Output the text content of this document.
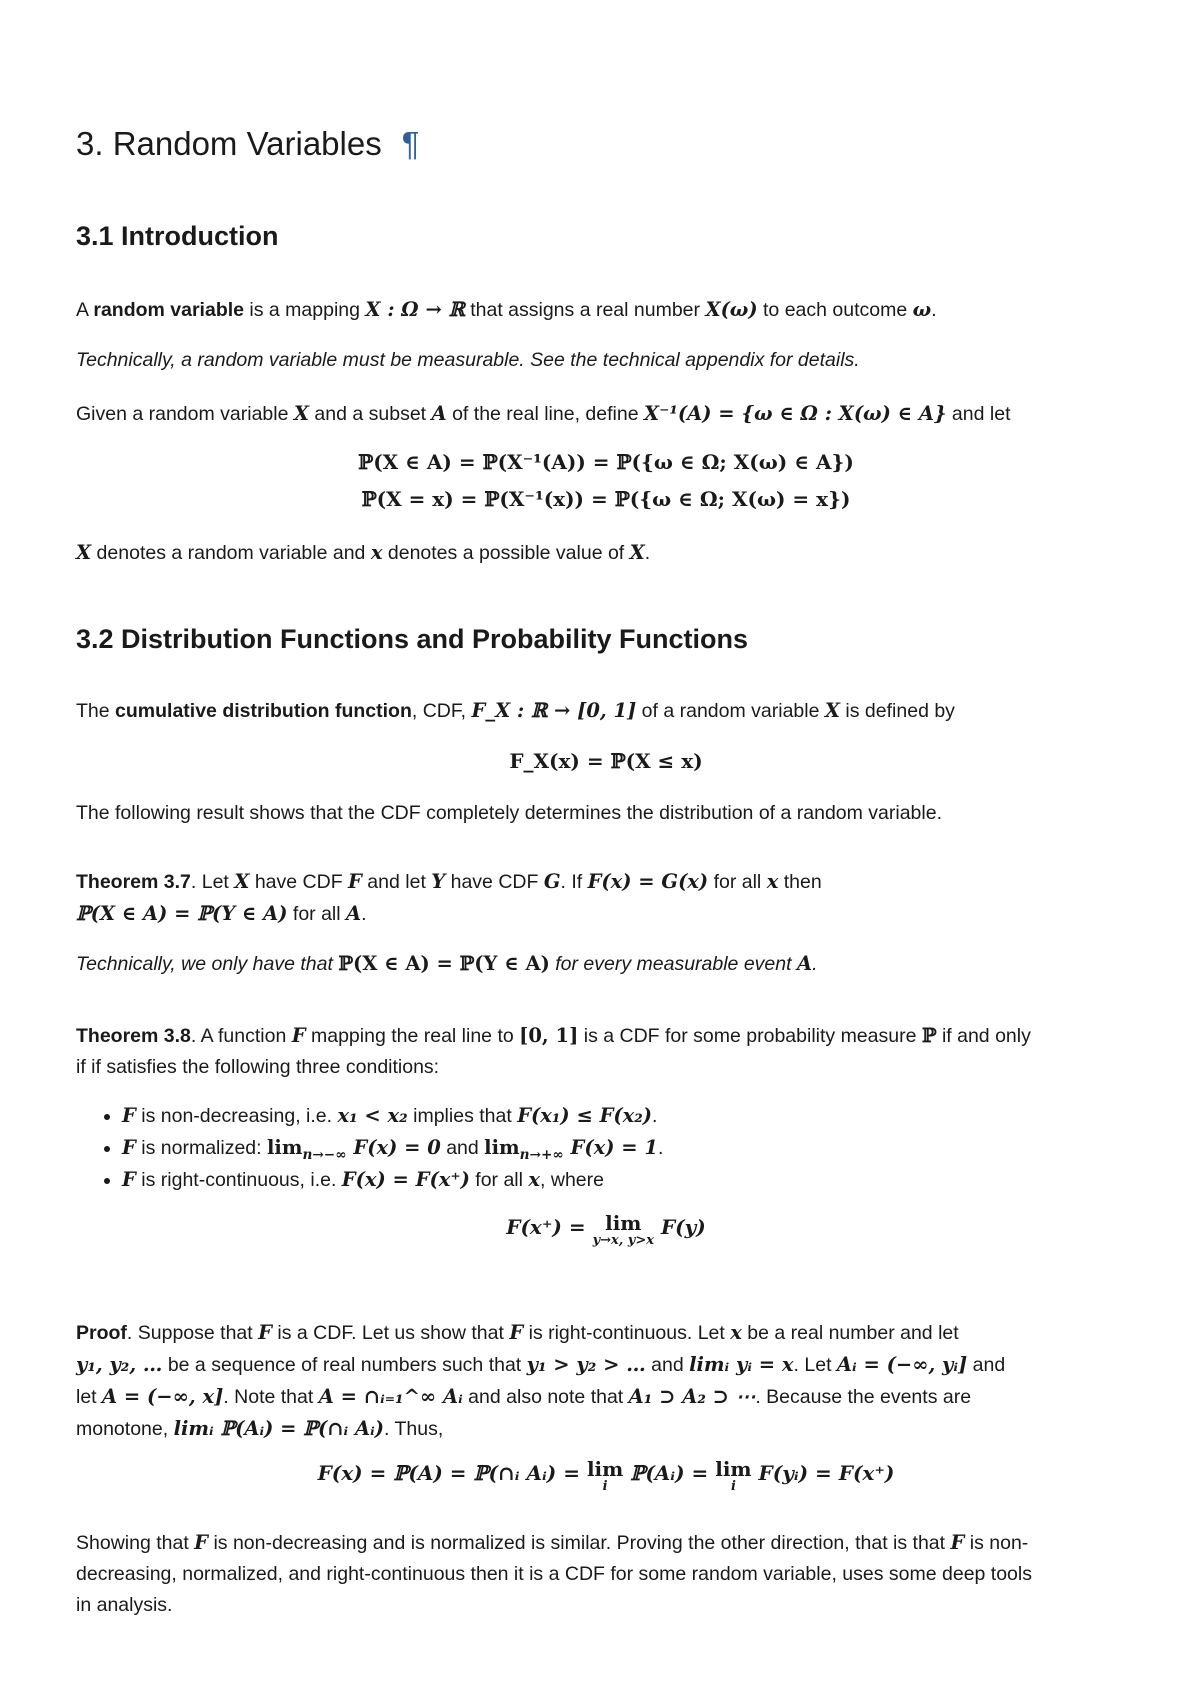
3. Random Variables ¶
3.1 Introduction

A random variable is a mapping X : Ω → ℝ that assigns a real number X(ω) to each outcome ω.

Technically, a random variable must be measurable. See the technical appendix for details.

Given a random variable X and a subset A of the real line, define X⁻¹(A) = {ω ∈ Ω : X(ω) ∈ A} and let

ℙ(X ∈ A) = ℙ(X⁻¹(A)) = ℙ({ω ∈ Ω; X(ω) ∈ A})
ℙ(X = x) = ℙ(X⁻¹(x)) = ℙ({ω ∈ Ω; X(ω) = x})

X denotes a random variable and x denotes a possible value of X.

3.2 Distribution Functions and Probability Functions

The cumulative distribution function, CDF, F_X : ℝ → [0, 1] of a random variable X is defined by

F_X(x) = ℙ(X ≤ x)

The following result shows that the CDF completely determines the distribution of a random variable.

Theorem 3.7. Let X have CDF F and let Y have CDF G. If F(x) = G(x) for all x then
ℙ(X ∈ A) = ℙ(Y ∈ A) for all A.

Technically, we only have that ℙ(X ∈ A) = ℙ(Y ∈ A) for every measurable event A.

Theorem 3.8. A function F mapping the real line to [0, 1] is a CDF for some probability measure ℙ if and only
if if satisfies the following three conditions:

• F is non-decreasing, i.e. x₁ < x₂ implies that F(x₁) ≤ F(x₂).
• F is normalized: $\lim_{n\to-\infty} F(x) = 0$ and $\lim_{n\to+\infty} F(x) = 1$.
• F is right-continuous, i.e. F(x) = F(x⁺) for all x, where
F(x⁺) = lim
y→x, y>x
F(y)

Proof. Suppose that F is a CDF. Let us show that F is right-continuous. Let x be a real number and let
y₁, y₂, … be a sequence of real numbers such that y₁ > y₂ > … and limᵢ yᵢ = x. Let Aᵢ = (−∞, yᵢ] and
let A = (−∞, x]. Note that A = ∩ᵢ₌₁^∞ Aᵢ and also note that A₁ ⊃ A₂ ⊃ ⋯. Because the events are
monotone, limᵢ ℙ(Aᵢ) = ℙ(∩ᵢ Aᵢ). Thus,

F(x) = ℙ(A) = ℙ(∩ᵢ Aᵢ) = lim
i
ℙ(Aᵢ) = lim
i
F(yᵢ) = F(x⁺)

Showing that F is non-decreasing and is normalized is similar. Proving the other direction, that is that F is non-
decreasing, normalized, and right-continuous then it is a CDF for some random variable, uses some deep tools
in analysis.
